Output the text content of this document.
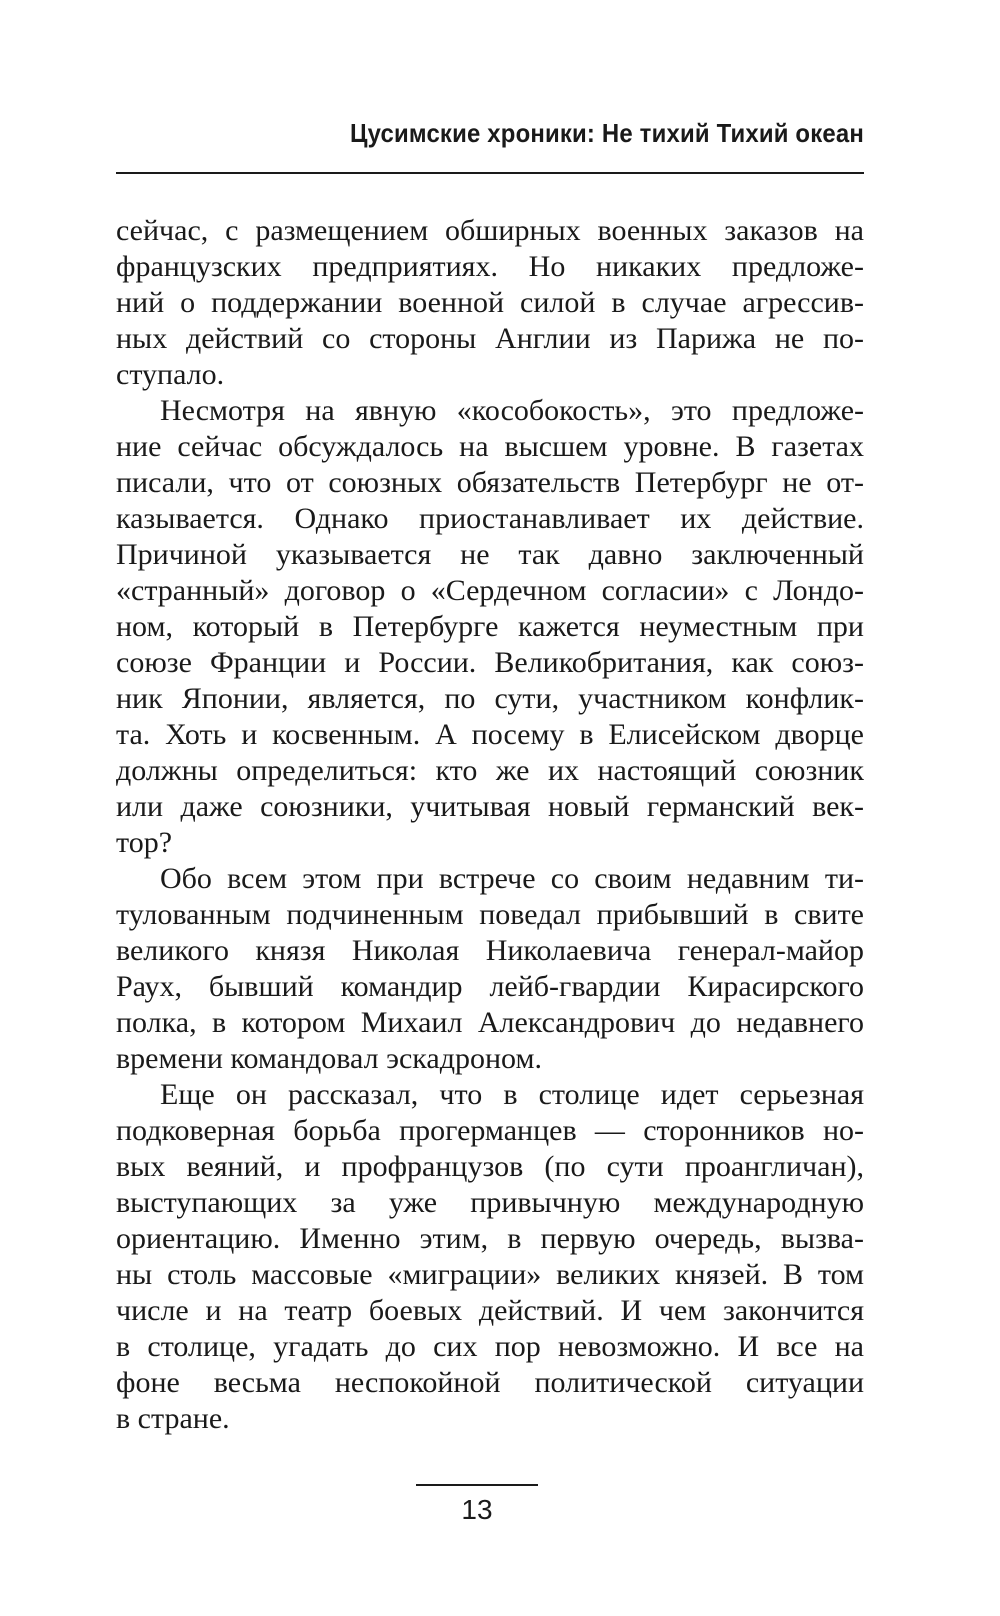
Цусимские хроники: Не тихий Тихий океан
сейчас, с размещением обширных военных заказов на
французских предприятиях. Но никаких предложе-
ний о поддержании военной силой в случае агрессив-
ных действий со стороны Англии из Парижа не по-
ступало.
Несмотря на явную «кособокость», это предложе-
ние сейчас обсуждалось на высшем уровне. В газетах
писали, что от союзных обязательств Петербург не от-
казывается. Однако приостанавливает их действие.
Причиной указывается не так давно заключенный
«странный» договор о «Сердечном согласии» с Лондо-
ном, который в Петербурге кажется неуместным при
союзе Франции и России. Великобритания, как союз-
ник Японии, является, по сути, участником конфлик-
та. Хоть и косвенным. А посему в Елисейском дворце
должны определиться: кто же их настоящий союзник
или даже союзники, учитывая новый германский век-
тор?
Обо всем этом при встрече со своим недавним ти-
тулованным подчиненным поведал прибывший в свите
великого князя Николая Николаевича генерал-майор
Раух, бывший командир лейб-гвардии Кирасирского
полка, в котором Михаил Александрович до недавнего
времени командовал эскадроном.
Еще он рассказал, что в столице идет серьезная
подковерная борьба прогерманцев — сторонников но-
вых веяний, и профранцузов (по сути проангличан),
выступающих за уже привычную международную
ориентацию. Именно этим, в первую очередь, вызва-
ны столь массовые «миграции» великих князей. В том
числе и на театр боевых действий. И чем закончится
в столице, угадать до сих пор невозможно. И все на
фоне весьма неспокойной политической ситуации
в стране.
13
